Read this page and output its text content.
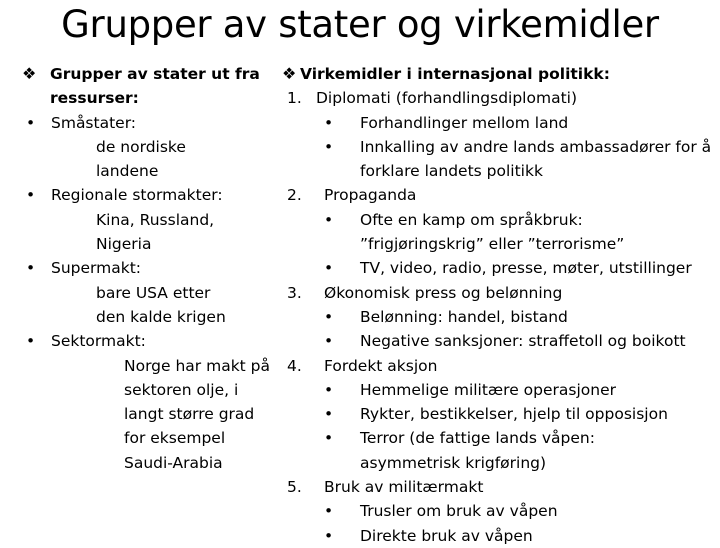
Grupper av stater og virkemidler
❖ Grupper av stater ut fra
ressurser:
• Småstater:
de nordiske
landene
• Regionale stormakter:
Kina, Russland,
Nigeria
• Supermakt:
bare USA etter
den kalde krigen
• Sektormakt:
Norge har makt på
sektoren olje, i
langt større grad
for eksempel
Saudi-Arabia
❖ Virkemidler i internasjonal politikk:
1. Diplomati (forhandlingsdiplomati)
• Forhandlinger mellom land
• Innkalling av andre lands ambassadører for å
forklare landets politikk
2. Propaganda
• Ofte en kamp om språkbruk:
”frigjøringskrig” eller ”terrorisme”
• TV, video, radio, presse, møter, utstillinger
3. Økonomisk press og belønning
• Belønning: handel, bistand
• Negative sanksjoner: straffetoll og boikott
4. Fordekt aksjon
• Hemmelige militære operasjoner
• Rykter, bestikkelser, hjelp til opposisjon
• Terror (de fattige lands våpen:
asymmetrisk krigføring)
5. Bruk av militærmakt
• Trusler om bruk av våpen
• Direkte bruk av våpen
